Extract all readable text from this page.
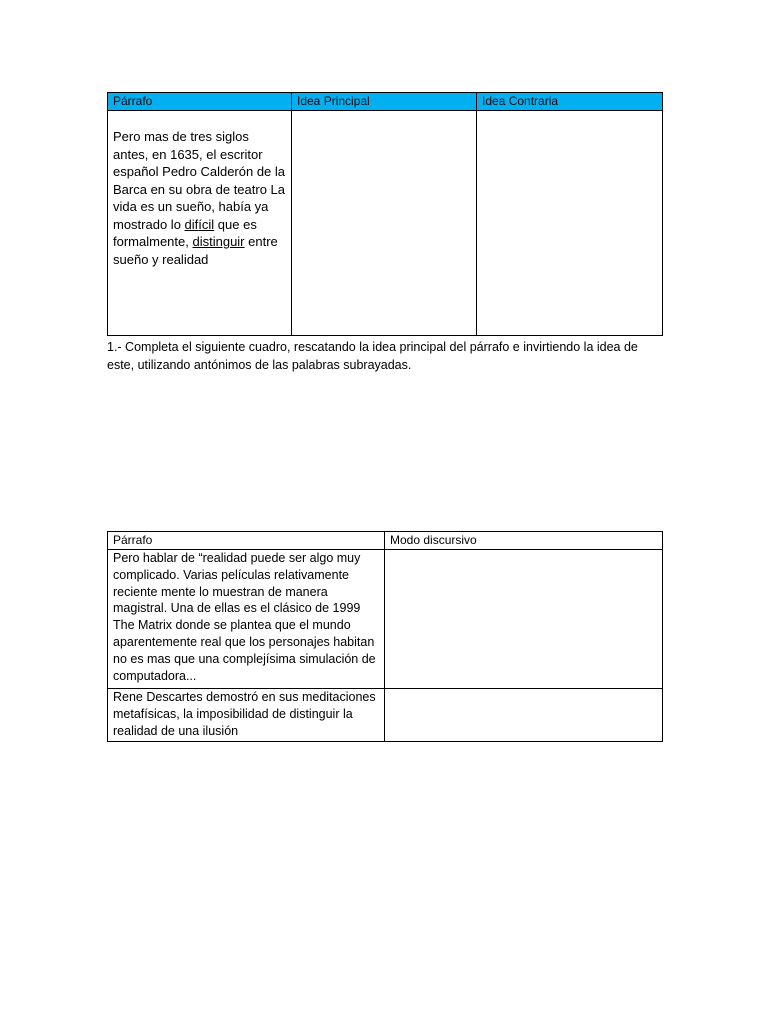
Párrafo	Idea Principal	Idea Contraria

Pero mas de tres siglos antes, en 1635, el escritor español Pedro Calderón de la Barca en su obra de teatro La vida es un sueño, había ya mostrado lo difícil que es formalmente, distinguir entre sueño y realidad		

1.- Completa el siguiente cuadro, rescatando la idea principal del párrafo e invirtiendo la idea de este, utilizando antónimos de las palabras subrayadas.
Párrafo	Modo discursivo
Pero hablar de “realidad puede ser algo muy complicado. Varias películas relativamente reciente mente lo muestran de manera magistral. Una de ellas es el clásico de 1999 The Matrix donde se plantea que el mundo aparentemente real que los personajes habitan no es mas que una complejísima simulación de computadora...	
Rene Descartes demostró en sus meditaciones metafísicas, la imposibilidad de distinguir la realidad de una ilusión	
